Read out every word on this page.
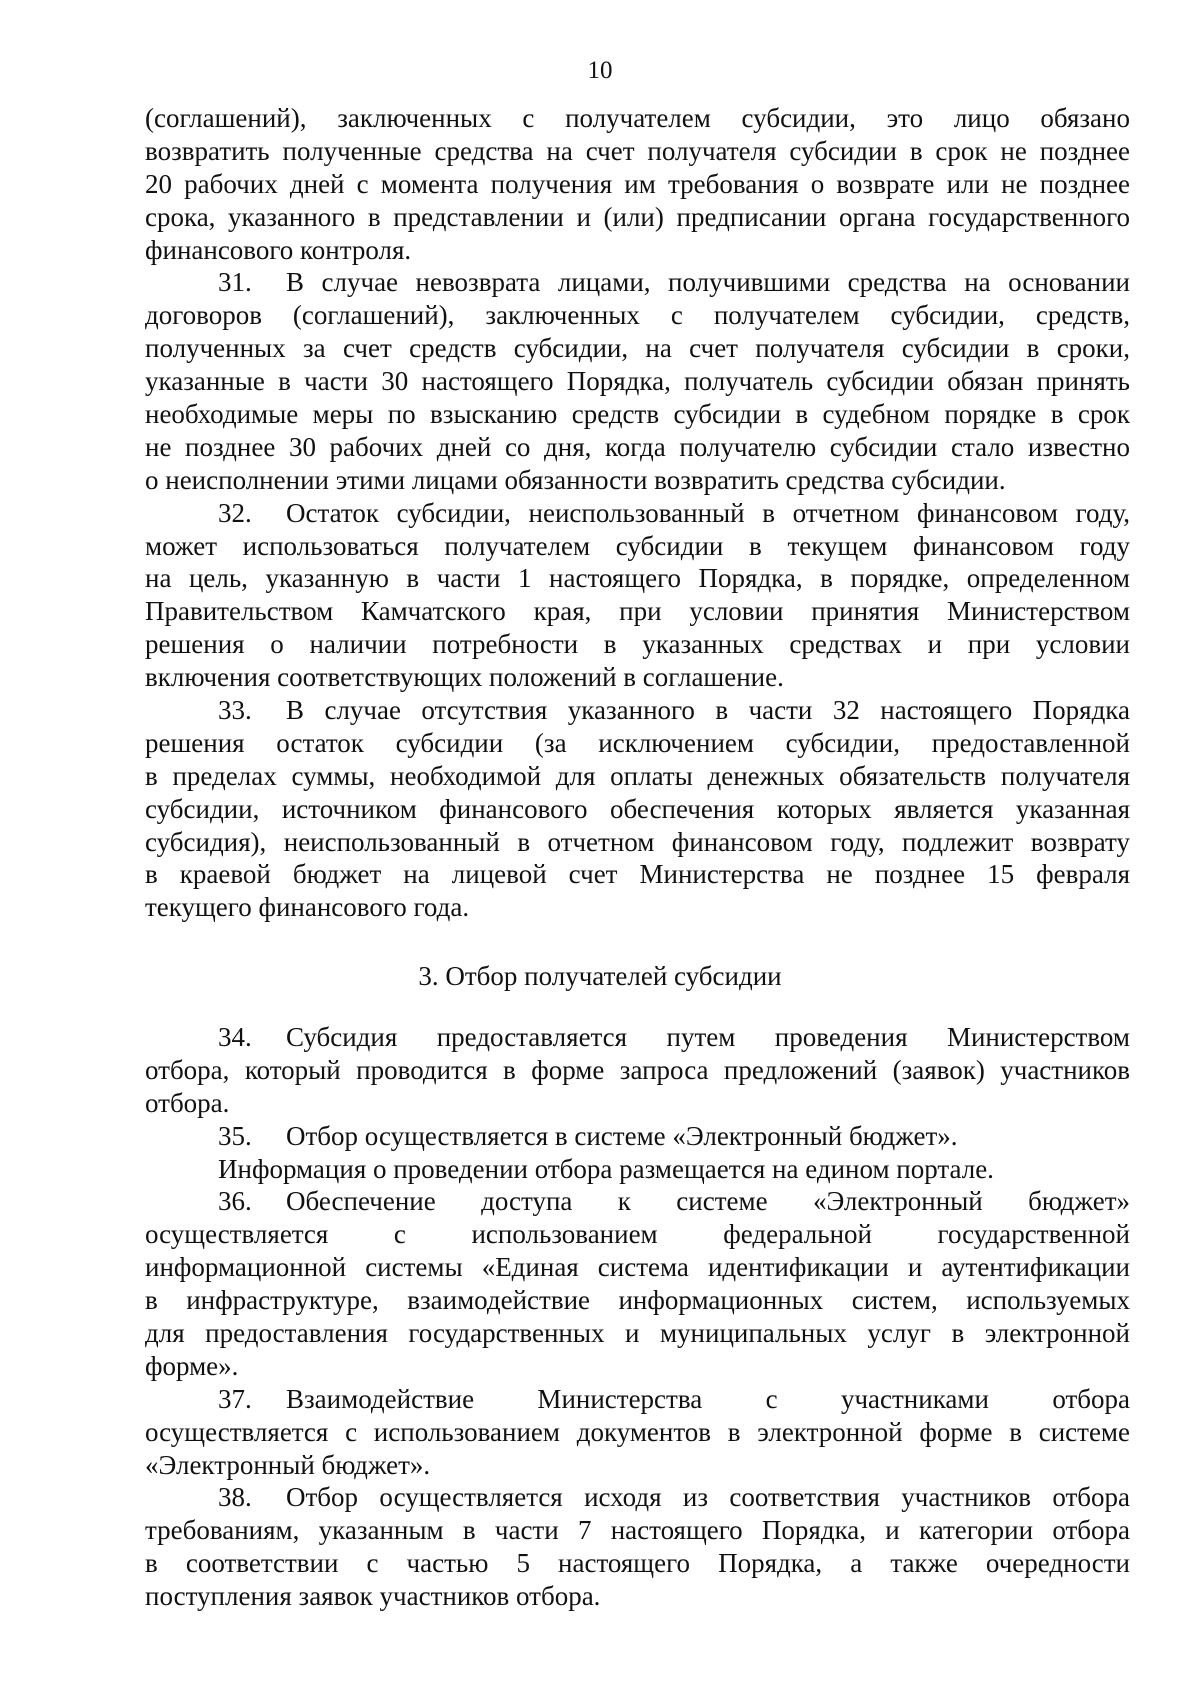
10
(соглашений), заключенных с получателем субсидии, это лицо обязано
возвратить полученные средства на счет получателя субсидии в срок не позднее
20 рабочих дней с момента получения им требования о возврате или не позднее
срока, указанного в представлении и (или) предписании органа государственного
финансового контроля.
31.	В случае невозврата лицами, получившими средства на основании
договоров (соглашений), заключенных с получателем субсидии, средств,
полученных за счет средств субсидии, на счет получателя субсидии в сроки,
указанные в части 30 настоящего Порядка, получатель субсидии обязан принять
необходимые меры по взысканию средств субсидии в судебном порядке в срок
не позднее 30 рабочих дней со дня, когда получателю субсидии стало известно
о неисполнении этими лицами обязанности возвратить средства субсидии.
32.	Остаток субсидии, неиспользованный в отчетном финансовом году,
может использоваться получателем субсидии в текущем финансовом году
на цель, указанную в части 1 настоящего Порядка, в порядке, определенном
Правительством Камчатского края, при условии принятия Министерством
решения о наличии потребности в указанных средствах и при условии
включения соответствующих положений в соглашение.
33.	В случае отсутствия указанного в части 32 настоящего Порядка
решения остаток субсидии (за исключением субсидии, предоставленной
в пределах суммы, необходимой для оплаты денежных обязательств получателя
субсидии, источником финансового обеспечения которых является указанная
субсидия), неиспользованный в отчетном финансовом году, подлежит возврату
в краевой бюджет на лицевой счет Министерства не позднее 15 февраля
текущего финансового года.
3. Отбор получателей субсидии
34.	Субсидия предоставляется путем проведения Министерством
отбора, который проводится в форме запроса предложений (заявок) участников
отбора.
35.	Отбор осуществляется в системе «Электронный бюджет».
Информация о проведении отбора размещается на едином портале.
36.	Обеспечение доступа к системе «Электронный бюджет»
осуществляется с использованием федеральной государственной
информационной системы «Единая система идентификации и аутентификации
в инфраструктуре, взаимодействие информационных систем, используемых
для предоставления государственных и муниципальных услуг в электронной
форме».
37.	Взаимодействие Министерства с участниками отбора
осуществляется с использованием документов в электронной форме в системе
«Электронный бюджет».
38.	Отбор осуществляется исходя из соответствия участников отбора
требованиям, указанным в части 7 настоящего Порядка, и категории отбора
в соответствии с частью 5 настоящего Порядка, а также очередности
поступления заявок участников отбора.
